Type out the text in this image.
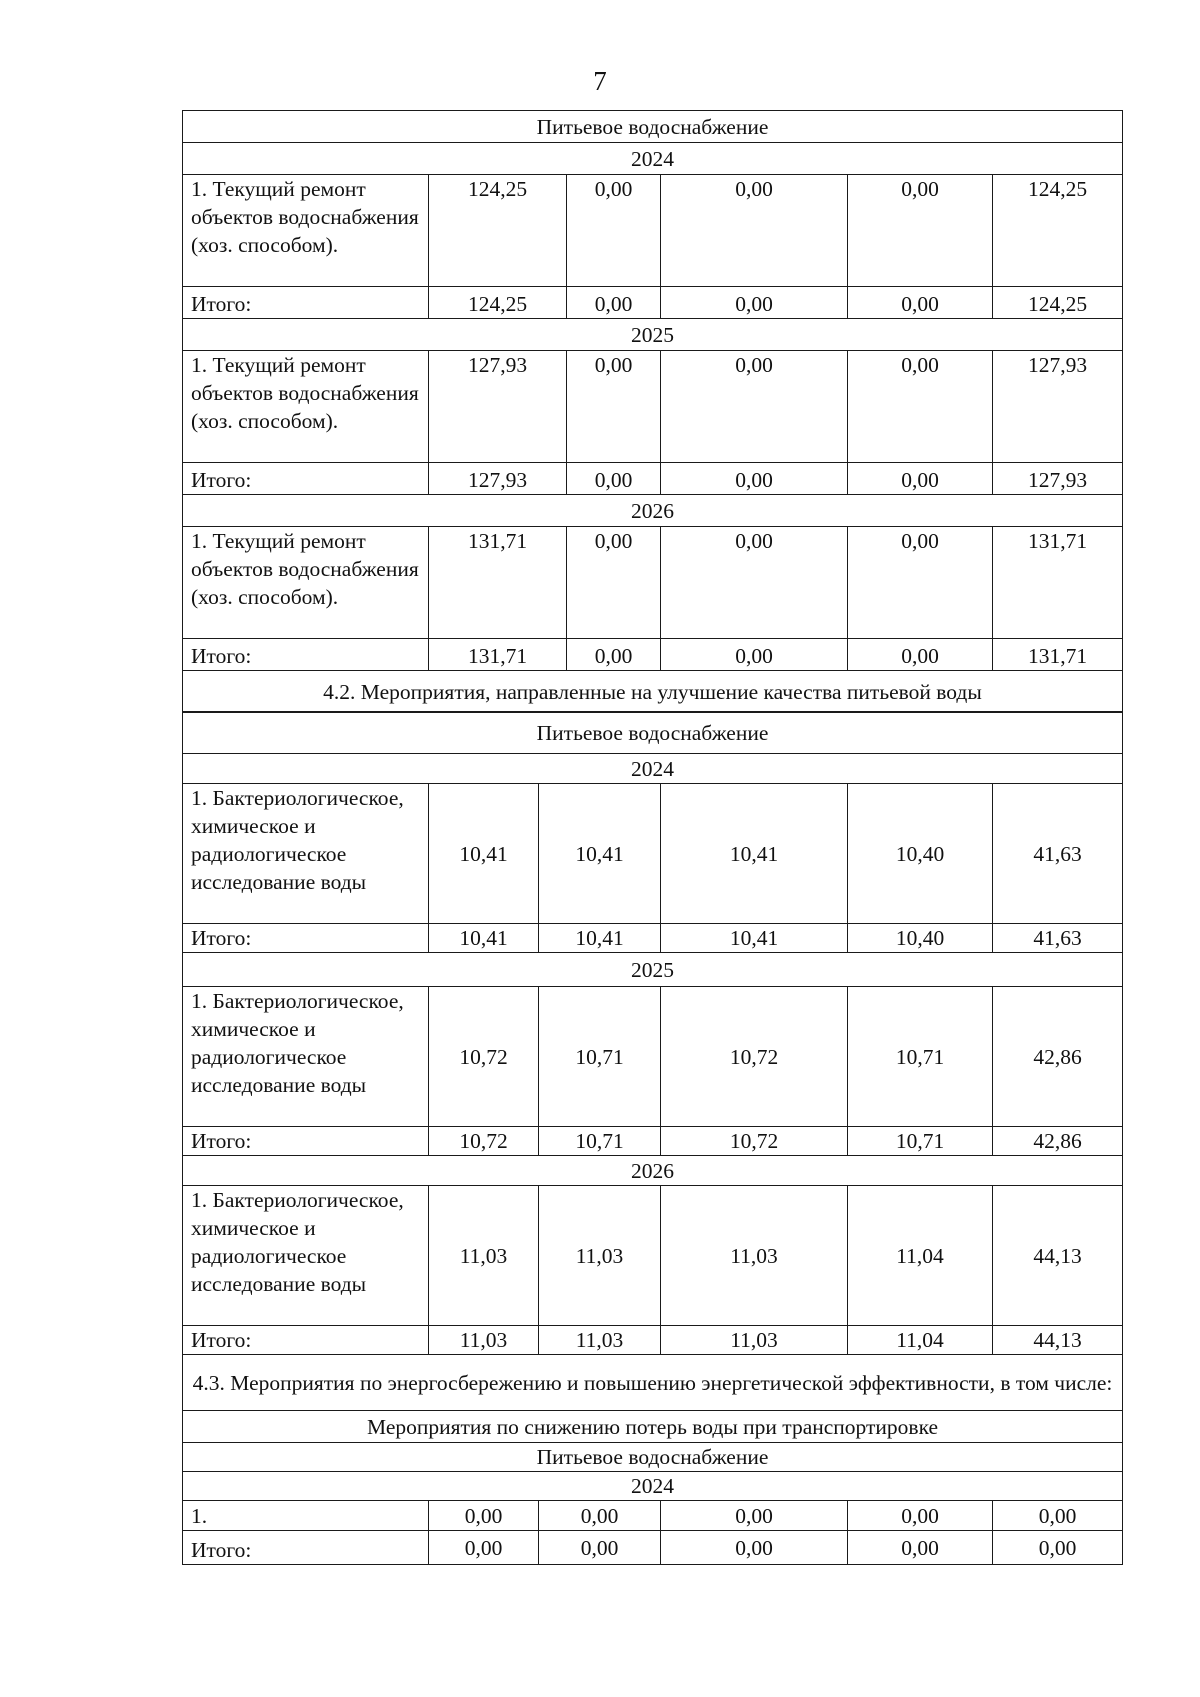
7
Питьевое водоснабжение					
2024					
1. Текущий ремонт объектов водоснабжения (хоз. способом).	124,25	0,00	0,00	0,00	124,25
Итого:	124,25	0,00	0,00	0,00	124,25
2025					
1. Текущий ремонт объектов водоснабжения (хоз. способом).	127,93	0,00	0,00	0,00	127,93
Итого:	127,93	0,00	0,00	0,00	127,93
2026					
1. Текущий ремонт объектов водоснабжения (хоз. способом).	131,71	0,00	0,00	0,00	131,71
Итого:	131,71	0,00	0,00	0,00	131,71
4.2. Мероприятия, направленные на улучшение качества питьевой воды					
Питьевое водоснабжение					
2024					
1. Бактериологическое, химическое и радиологическое исследование воды	10,41	10,41	10,41	10,40	41,63
Итого:	10,41	10,41	10,41	10,40	41,63
2025					
1. Бактериологическое, химическое и радиологическое исследование воды	10,72	10,71	10,72	10,71	42,86
Итого:	10,72	10,71	10,72	10,71	42,86
2026					
1. Бактериологическое, химическое и радиологическое исследование воды	11,03	11,03	11,03	11,04	44,13
Итого:	11,03	11,03	11,03	11,04	44,13
4.3. Мероприятия по энергосбережению и повышению энергетической эффективности, в том числе:					
Мероприятия по снижению потерь воды при транспортировке					
Питьевое водоснабжение					
2024					
1.	0,00	0,00	0,00	0,00	0,00
Итого:	0,00	0,00	0,00	0,00	0,00
